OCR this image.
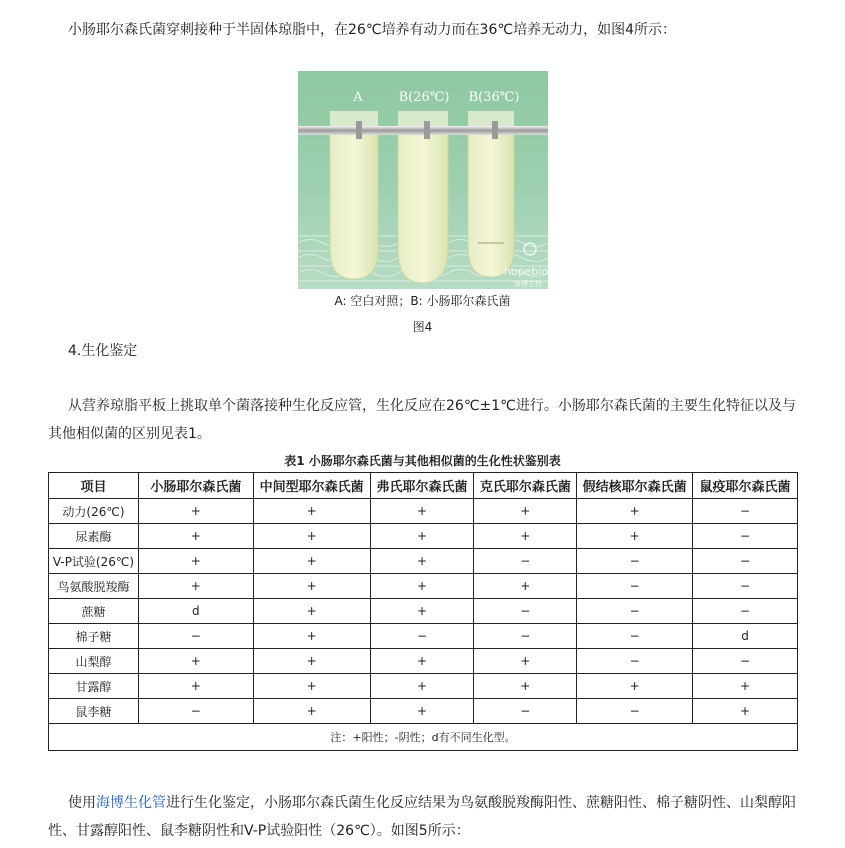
小肠耶尔森氏菌穿刺接种于半固体琼脂中，在26℃培养有动力而在36℃培养无动力，如图4所示：
A	B(26℃) B(36℃)
hopebio
海博生物
A: 空白对照；B: 小肠耶尔森氏菌
图4
4.生化鉴定
从营养琼脂平板上挑取单个菌落接种生化反应管，生化反应在26℃±1℃进行。小肠耶尔森氏菌的主要生化特征以及与其他相似菌的区别见表1。
表1 小肠耶尔森氏菌与其他相似菌的生化性状鉴别表
项目	小肠耶尔森氏菌	中间型耶尔森氏菌	弗氏耶尔森氏菌	克氏耶尔森氏菌	假结核耶尔森氏菌	鼠疫耶尔森氏菌
动力(26℃)	+	+	+	+	+	−
尿素酶	+	+	+	+	+	−
V-P试验(26℃)	+	+	+	−	−	−
鸟氨酸脱羧酶	+	+	+	+	−	−
蔗糖	d	+	+	−	−	−
棉子糖	−	+	−	−	−	d
山梨醇	+	+	+	+	−	−
甘露醇	+	+	+	+	+	+
鼠李糖	−	+	+	−	−	+
注：+阳性；-阴性；d有不同生化型。						
使用海博生化管进行生化鉴定，小肠耶尔森氏菌生化反应结果为鸟氨酸脱羧酶阳性、蔗糖阳性、棉子糖阴性、山梨醇阳性、甘露醇阳性、鼠李糖阴性和V-P试验阳性（26℃）。如图5所示：
